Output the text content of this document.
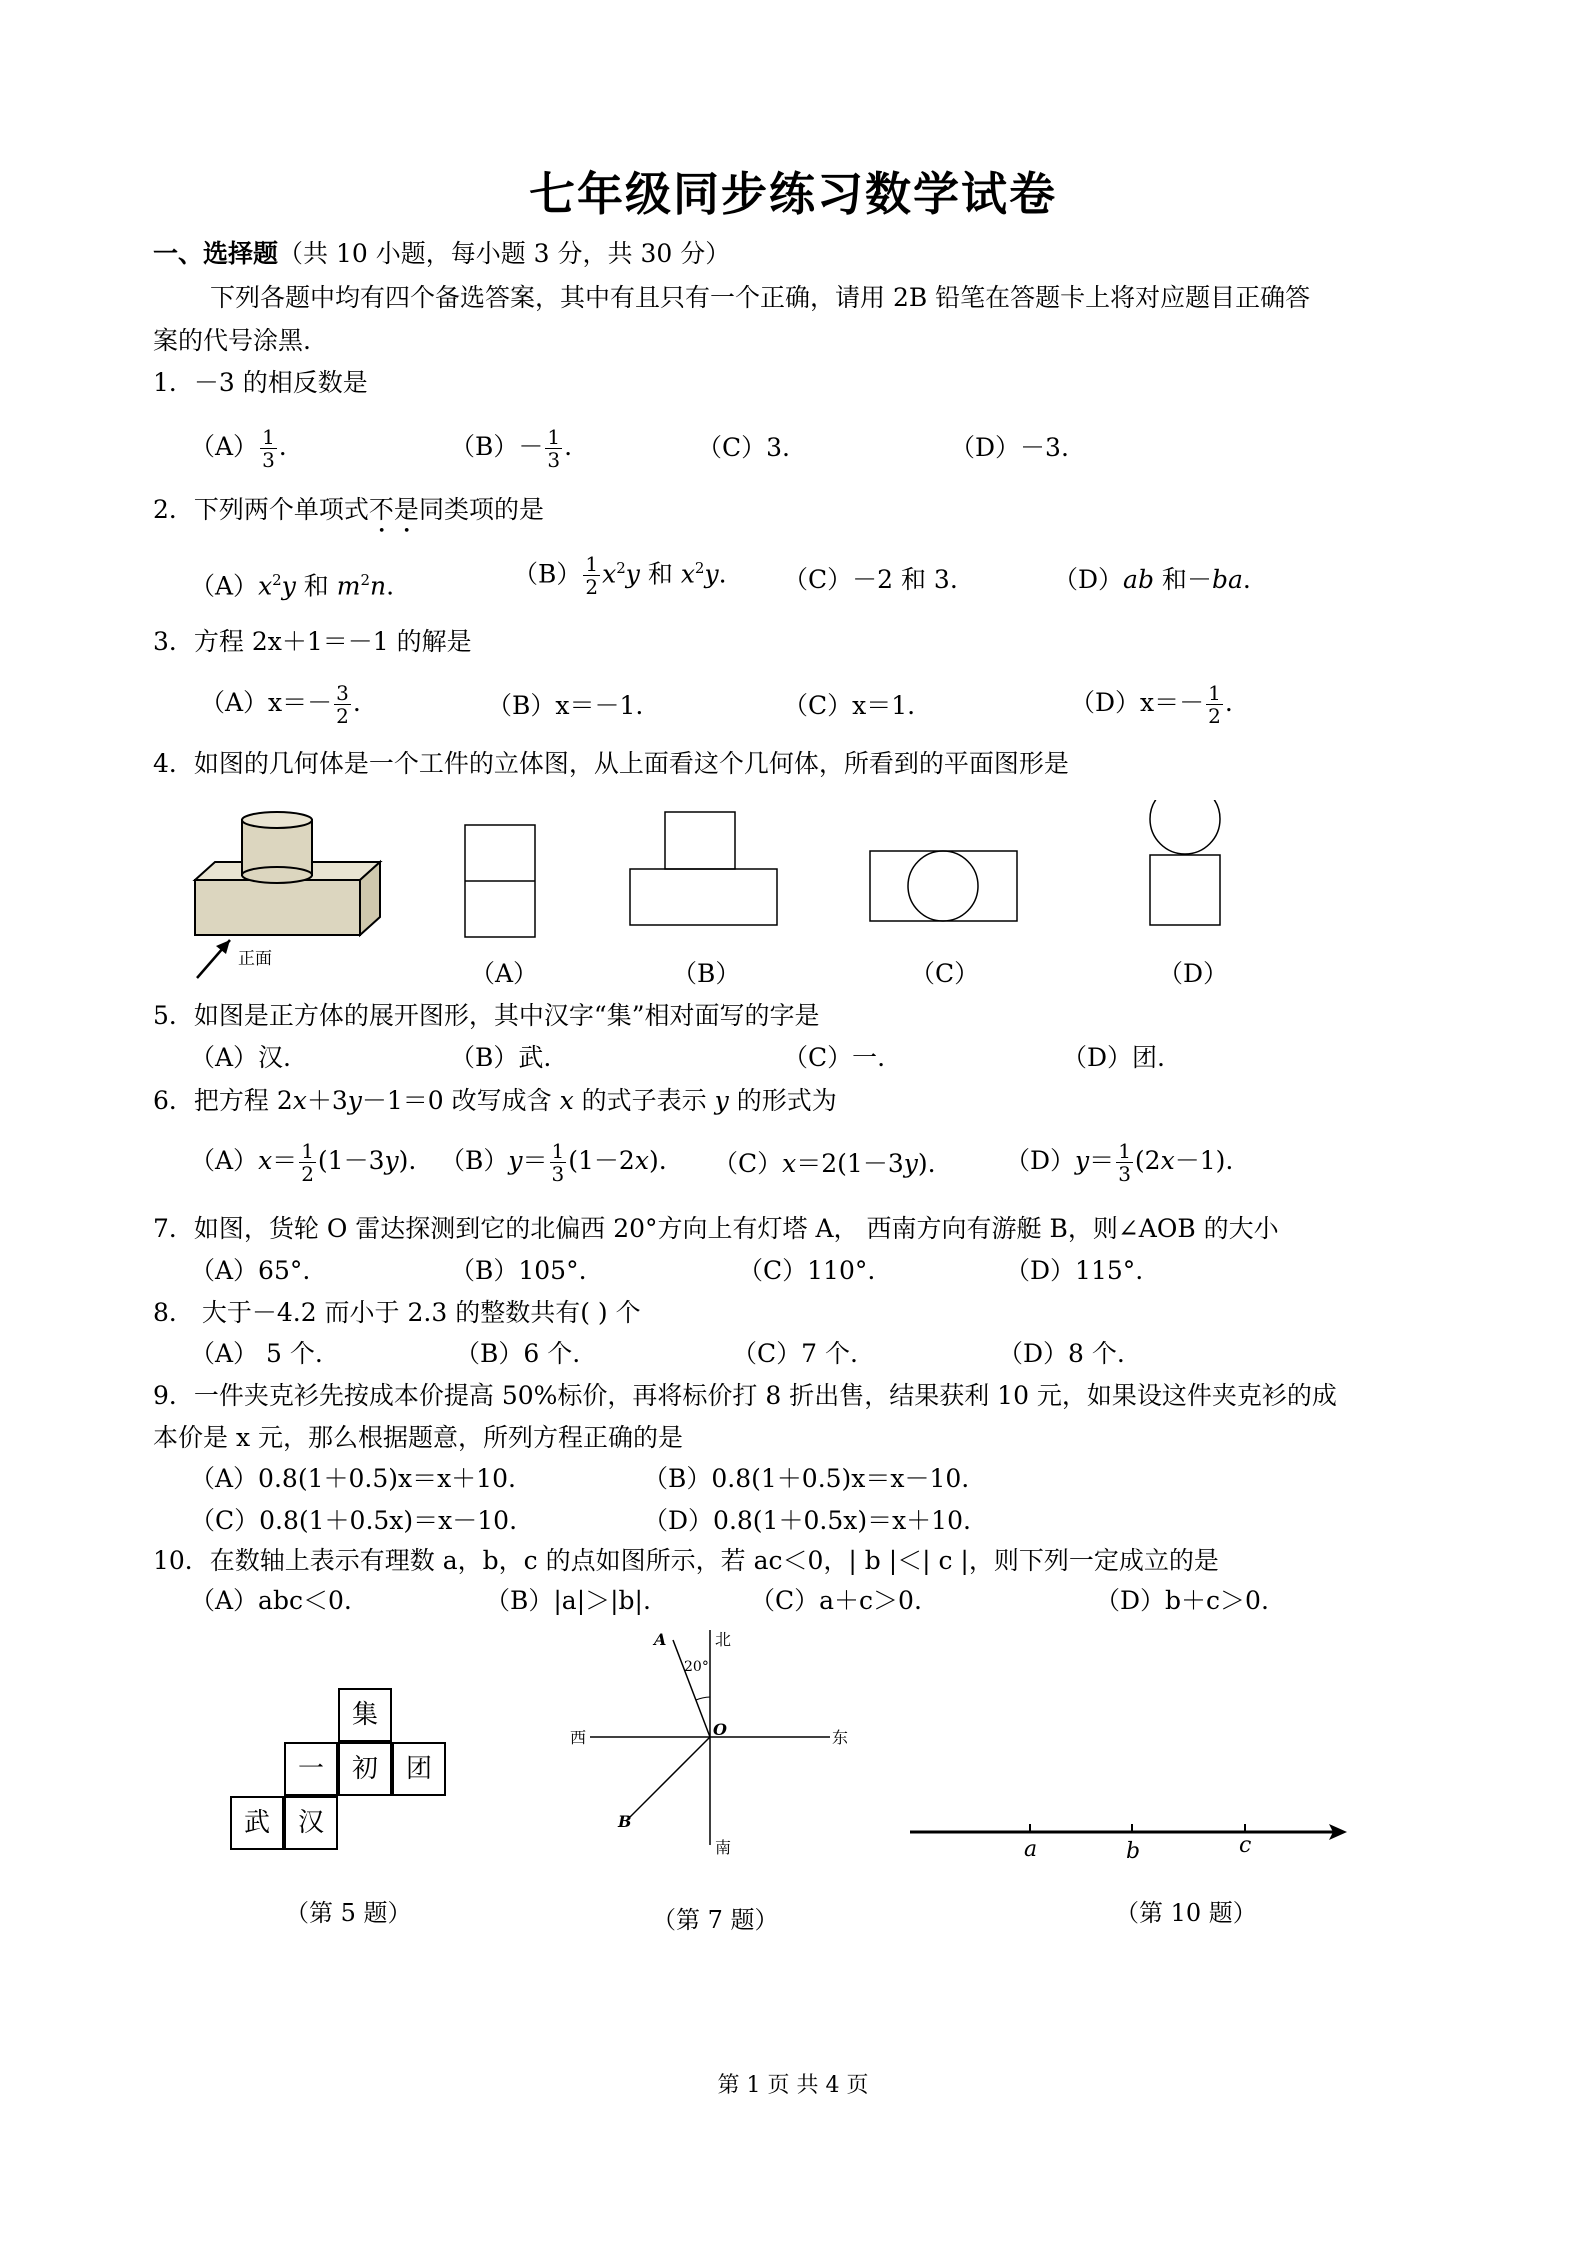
七年级同步练习数学试卷
一、选择题（共 10 小题，每小题 3 分，共 30 分）
下列各题中均有四个备选答案，其中有且只有一个正确，请用 2B 铅笔在答题卡上将对应题目正确答
案的代号涂黑.
1．－3 的相反数是
$(A) \frac{1}{3}$ .	$(B)- \frac{1}{3}$ .	（C）3.	（D）－3.
2．下列两个单项式不是同类项的是
$(A)x^2y$ 和 $m^2n$.	$(B) \frac{1}{2} x^2y$ 和 $x^2y$. （C）－2 和 3.	（D）ab 和－ba.
3．方程 2x＋1＝－1 的解是
$(A)x=- \frac{3}{2}$ .	（B）x＝－1.	（C）x＝1.	$(D)x=- \frac{1}{2}$ .
4．如图的几何体是一个工件的立体图，从上面看这个几何体，所看到的平面图形是
正面	（A）	（B）	（C）	（D）
5．如图是正方体的展开图形，其中汉字“集”相对面写的字是
（A）汉.	（B）武.	（C）一.	（D）团.
6．把方程 2x＋3y－1＝0 改写成含 x 的式子表示 y 的形式为
$(A)x= \frac{1}{2} (1-3y)$. $(B)y= \frac{1}{3} (1-2x)$. （C）x＝2(1－3y).	$(D)y= \frac{1}{3} (2x-1)$.
7．如图，货轮 O 雷达探测到它的北偏西 20°方向上有灯塔 A， 西南方向有游艇 B，则∠AOB 的大小
（A）65°.	（B）105°.	（C）110°.	（D）115°.
8． 大于－4.2 而小于 2.3 的整数共有( ) 个
（A） 5 个.	（B）6 个.	（C）7 个.	（D）8 个.
9．一件夹克衫先按成本价提高 50%标价，再将标价打 8 折出售，结果获利 10 元，如果设这件夹克衫的成
本价是 x 元，那么根据题意，所列方程正确的是
（A）0.8(1＋0.5)x＝x＋10.	（B）0.8(1＋0.5)x＝x－10.
（C）0.8(1＋0.5x)＝x－10.	（D）0.8(1＋0.5x)＝x＋10.
10．在数轴上表示有理数 a，b，c 的点如图所示，若 ac＜0，| b |＜| c |，则下列一定成立的是
（A）abc＜0.	（B）|a|＞|b|.	（C）a＋c＞0.	（D）b＋c＞0.
集
一	初	团
武	汉
（第 5 题）
北
南
西	东
20°
A
B
O
（第 7 题）
a	b	c
（第 10 题）
第 1 页 共 4 页
